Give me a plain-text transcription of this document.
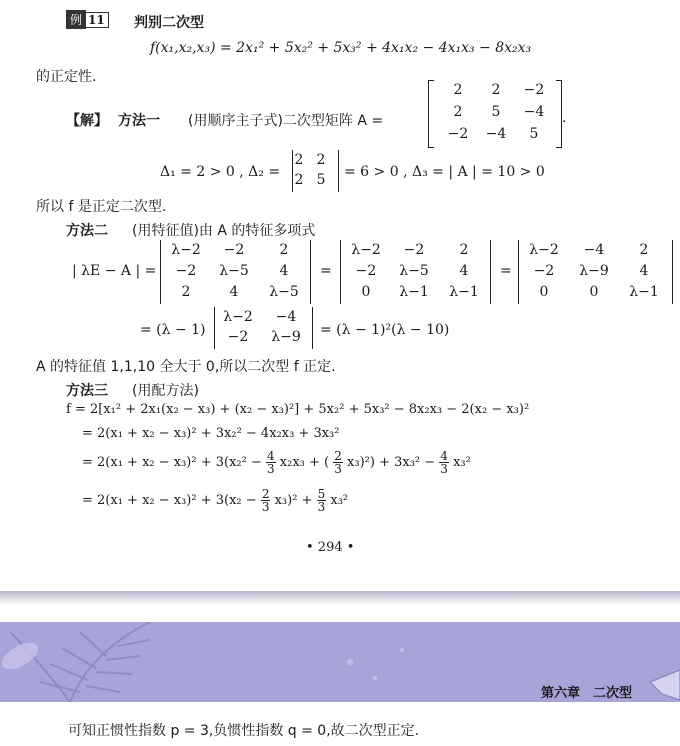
例 11 判别二次型
f(x₁,x₂,x₃) = 2x₁² + 5x₂² + 5x₃² + 4x₁x₂ − 4x₁x₃ − 8x₂x₃
的正定性.
【解】 方法一 (用顺序主子式)二次型矩阵 A =
2	2	−2
2	5	−4
−2	−4	5
.
Δ₁ = 2 > 0 , Δ₂ =
2 2
2 5	= 6 > 0 , Δ₃ = | A | = 10 > 0
所以 f 是正定二次型.
方法二 (用特征值)由 A 的特征多项式
| λE − A | =
λ−2	−2	2
−2	λ−5	4
2	4	λ−5
=
λ−2	−2	2
−2	λ−5	4
0	λ−1	λ−1
=
λ−2	−4	2
−2	λ−9	4
0	0	λ−1
= (λ − 1)
λ−2	−4
−2	λ−9	= (λ − 1)²(λ − 10)
A 的特征值 1,1,10 全大于 0,所以二次型 f 正定.
方法三 (用配方法)
f = 2[x₁² + 2x₁(x₂ − x₃) + (x₂ − x₃)²] + 5x₂² + 5x₃² − 8x₂x₃ − 2(x₂ − x₃)²
= 2(x₁ + x₂ − x₃)² + 3x₂² − 4x₂x₃ + 3x₃²
= $2(x_1 + x_2 - x_3)^2 + 3(x_2^2 - \frac{4}{3} x_2x_3$ + ( $\frac{2}{3} x_3)^2) + 3x_3^2 - \frac{4}{3} x_3^2$
= $2(x_1 + x_2 - x_3)^2 + 3(x_2 - \frac{2}{3} x_3)^2 + \frac{5}{3} x_3^2$
• 294 •
第六章　二次型
可知正惯性指数 p = 3,负惯性指数 q = 0,故二次型正定.
